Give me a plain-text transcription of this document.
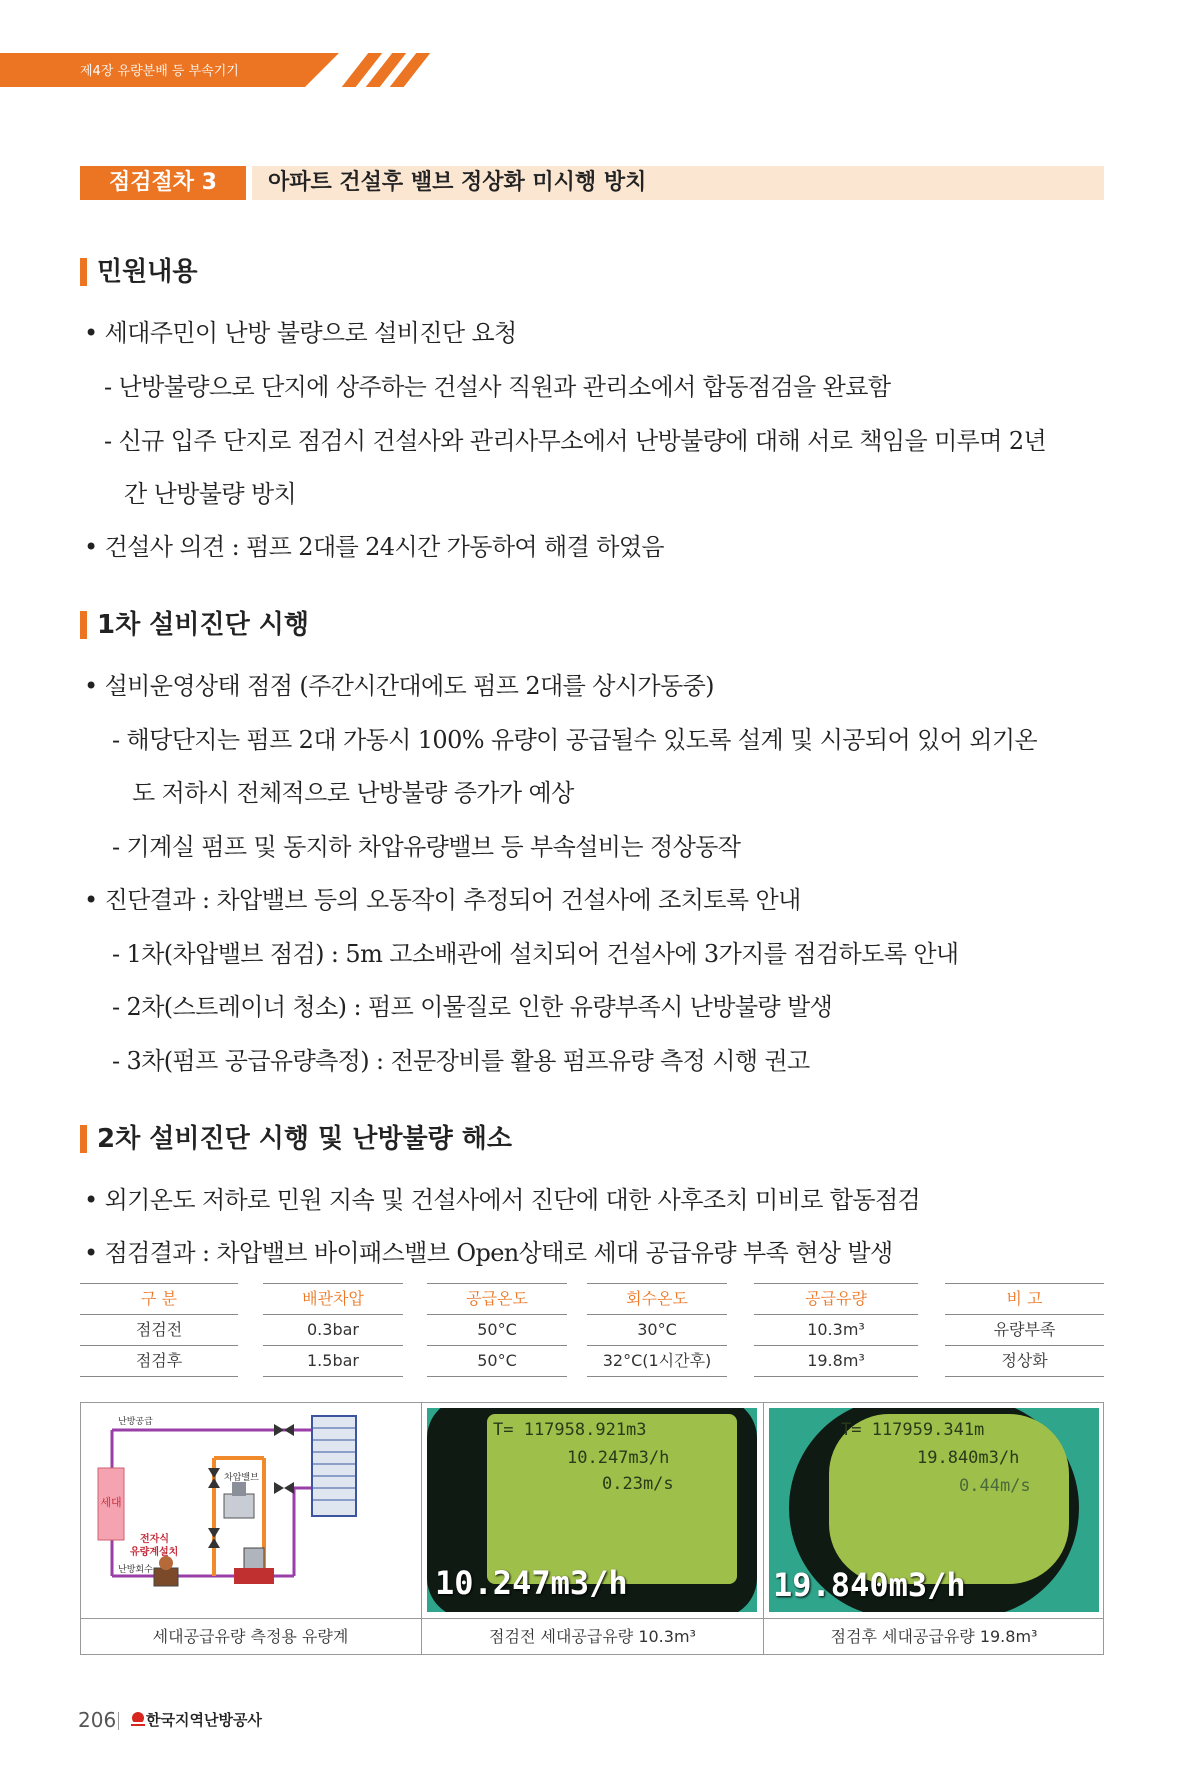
제4장 유량분배 등 부속기기
점검절차 3	아파트 건설후 밸브 정상화 미시행 방치
민원내용
• 세대주민이 난방 불량으로 설비진단 요청
- 난방불량으로 단지에 상주하는 건설사 직원과 관리소에서 합동점검을 완료함
- 신규 입주 단지로 점검시 건설사와 관리사무소에서 난방불량에 대해 서로 책임을 미루며 2년
간 난방불량 방치
• 건설사 의견 : 펌프 2대를 24시간 가동하여 해결 하였음
1차 설비진단 시행
• 설비운영상태 점점 (주간시간대에도 펌프 2대를 상시가동중)
- 해당단지는 펌프 2대 가동시 100% 유량이 공급될수 있도록 설계 및 시공되어 있어 외기온
도 저하시 전체적으로 난방불량 증가가 예상
- 기계실 펌프 및 동지하 차압유량밸브 등 부속설비는 정상동작
• 진단결과 : 차압밸브 등의 오동작이 추정되어 건설사에 조치토록 안내
- 1차(차압밸브 점검) : 5m 고소배관에 설치되어 건설사에 3가지를 점검하도록 안내
- 2차(스트레이너 청소) : 펌프 이물질로 인한 유량부족시 난방불량 발생
- 3차(펌프 공급유량측정) : 전문장비를 활용 펌프유량 측정 시행 권고
2차 설비진단 시행 및 난방불량 해소
• 외기온도 저하로 민원 지속 및 건설사에서 진단에 대한 사후조치 미비로 합동점검
• 점검결과 : 차압밸브 바이패스밸브 Open상태로 세대 공급유량 부족 현상 발생
구 분	배관차압	공급온도	회수온도	공급유량	비 고
점검전	0.3bar	50°C	30°C	10.3m³	유량부족
점검후	1.5bar	50°C	32°C(1시간후)	19.8m³	정상화
세대
난방공급
난방회수
차압밸브
전자식
유량계설치
T= 117958.921m3
10.247m3/h
0.23m/s
10.247m3/h
T= 117959.341m
19.840m3/h
0.44m/s
19.840m3/h
세대공급유량 측정용 유량계	점검전 세대공급유량 10.3m³	점검후 세대공급유량 19.8m³
206 한국지역난방공사
